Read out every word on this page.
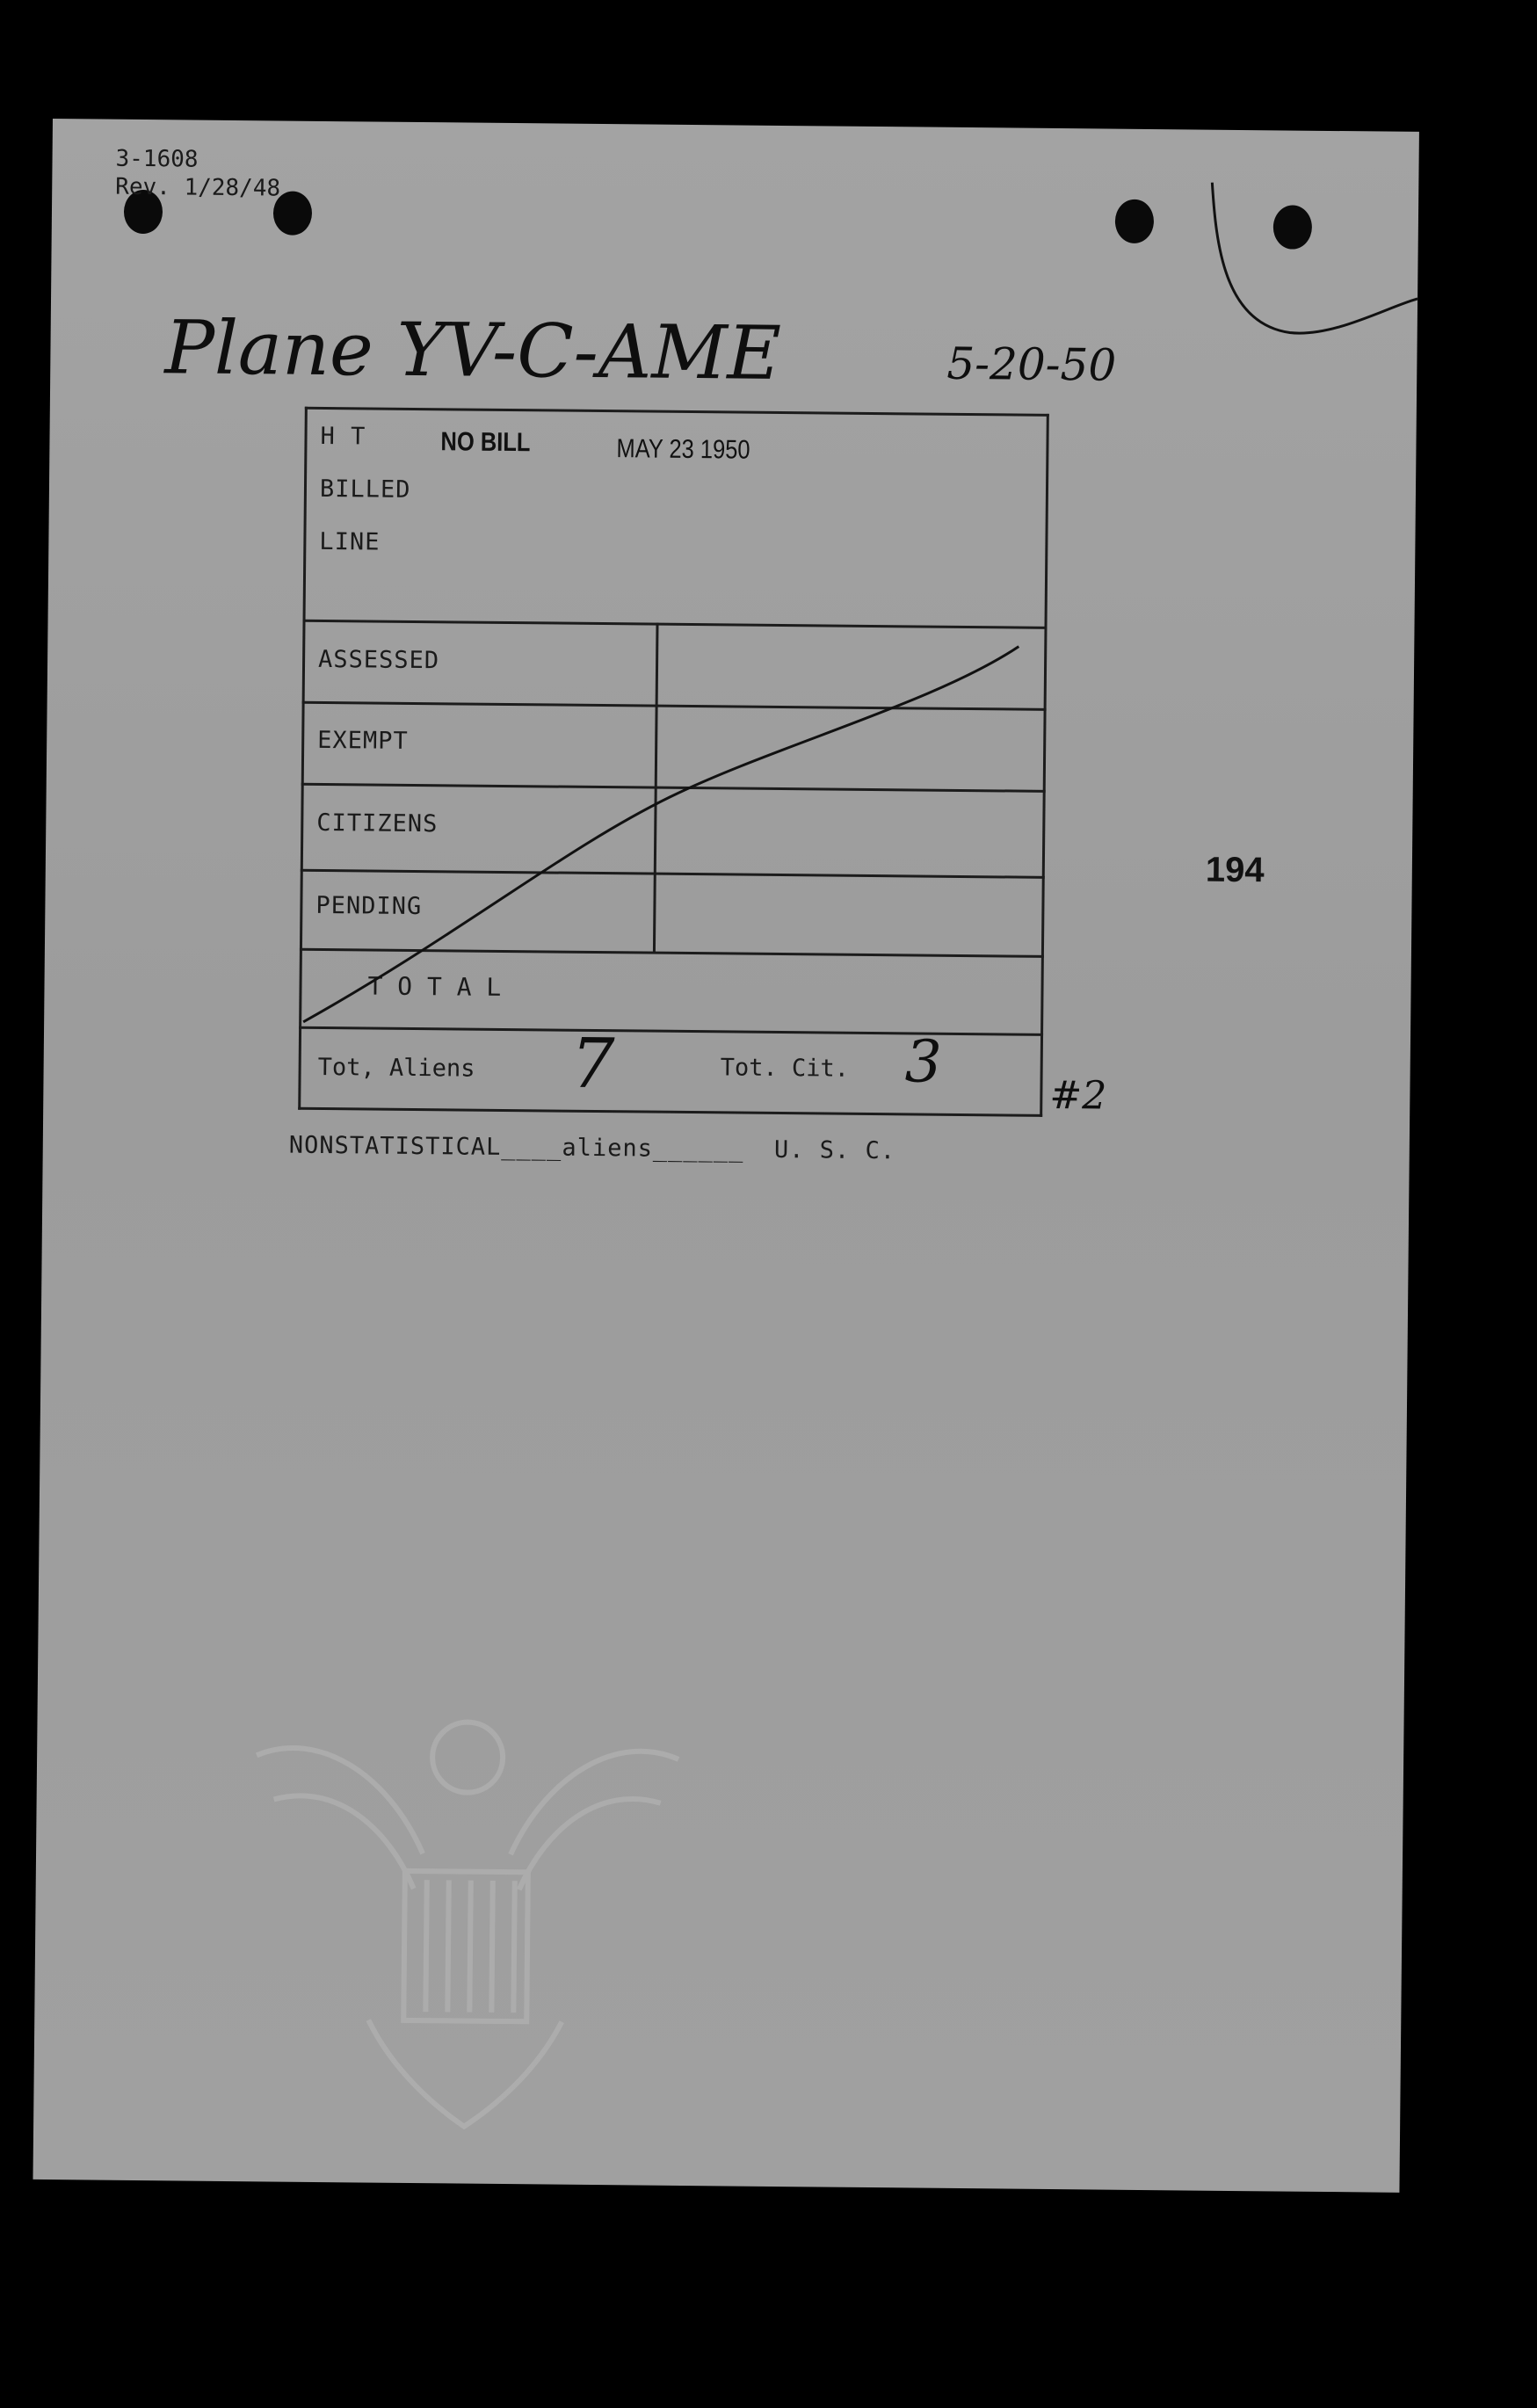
3-1608
Rev. 1/28/48
Plane YV-C-AME	5-20-50
H T
BILLED
LINE
NO BILL	MAY 23 1950
ASSESSED
EXEMPT
CITIZENS
PENDING
T O T A L
Tot, Aliens 7	Tot. Cit. 3	#2
NONSTATISTICAL____aliens______ U. S. C.
194
